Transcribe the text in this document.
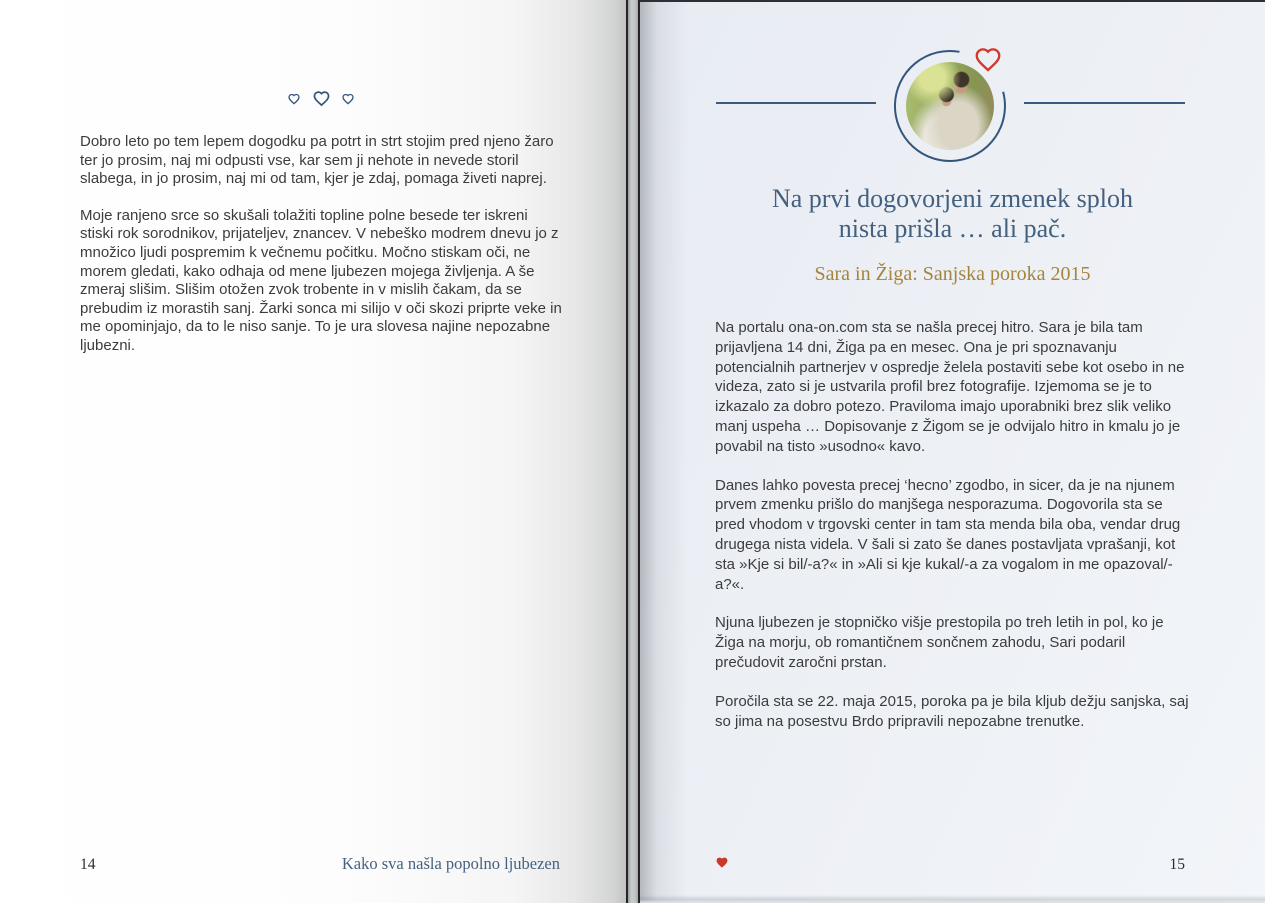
Dobro leto po tem lepem dogodku pa potrt in strt stojim pred njeno žaro ter jo prosim, naj mi odpusti vse, kar sem ji nehote in nevede storil slabega, in jo prosim, naj mi od tam, kjer je zdaj, pomaga živeti naprej.

Moje ranjeno srce so skušali tolažiti topline polne besede ter iskreni stiski rok sorodnikov, prijateljev, znancev. V nebeško modrem dnevu jo z množico ljudi pospremim k večnemu počitku. Močno stiskam oči, ne morem gledati, kako odhaja od mene ljubezen mojega življenja. A še zmeraj slišim. Slišim otožen zvok trobente in v mislih čakam, da se prebudim iz morastih sanj. Žarki sonca mi silijo v oči skozi priprte veke in me opominjajo, da to le niso sanje. To je ura slovesa najine nepozabne ljubezni.

14	Kako sva našla popolno ljubezen
Na prvi dogovorjeni zmenek sploh
nista prišla … ali pač.
Sara in Žiga: Sanjska poroka 2015

Na portalu ona-on.com sta se našla precej hitro. Sara je bila tam prijavljena 14 dni, Žiga pa en mesec. Ona je pri spoznavanju potencialnih partnerjev v ospredje želela postaviti sebe kot osebo in ne videza, zato si je ustvarila profil brez fotografije. Izjemoma se je to izkazalo za dobro potezo. Praviloma imajo uporabniki brez slik veliko manj uspeha … Dopisovanje z Žigom se je odvijalo hitro in kmalu jo je povabil na tisto »usodno« kavo.

Danes lahko povesta precej ‘hecno’ zgodbo, in sicer, da je na njunem prvem zmenku prišlo do manjšega nesporazuma. Dogovorila sta se pred vhodom v trgovski center in tam sta menda bila oba, vendar drug drugega nista videla. V šali si zato še danes postavljata vprašanji, kot sta »Kje si bil/-a?« in »Ali si kje kukal/-a za vogalom in me opazoval/-a?«.

Njuna ljubezen je stopničko višje prestopila po treh letih in pol, ko je Žiga na morju, ob romantičnem sončnem zahodu, Sari podaril prečudovit zaročni prstan.

Poročila sta se 22. maja 2015, poroka pa je bila kljub dežju sanjska, saj so jima na posestvu Brdo pripravili nepozabne trenutke.

15
